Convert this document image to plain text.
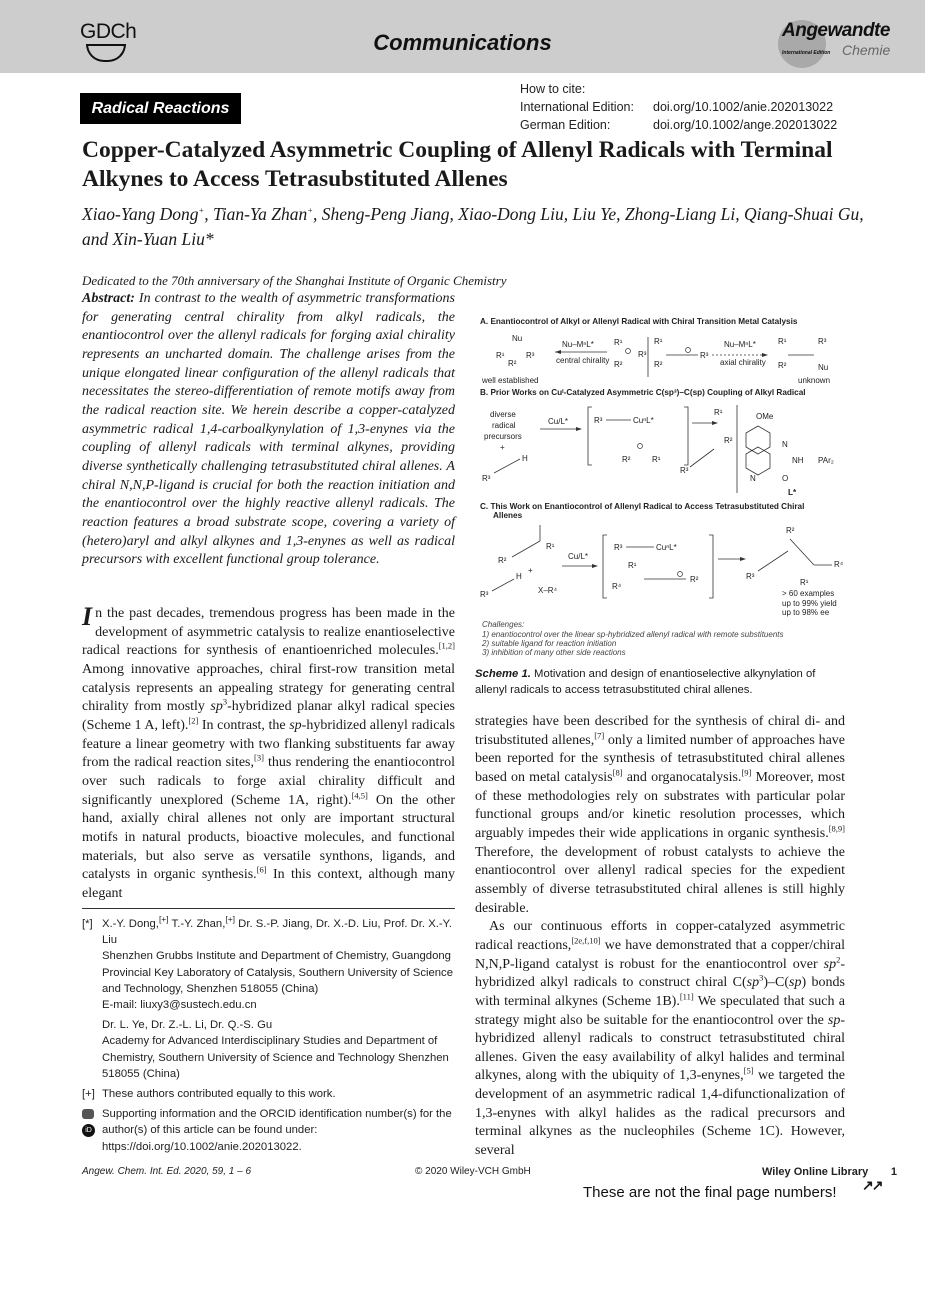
GDCh	Communications	Angewandte
International Edition Chemie
Radical Reactions
How to cite:
International Edition: doi.org/10.1002/anie.202013022
German Edition:	doi.org/10.1002/ange.202013022
Copper-Catalyzed Asymmetric Coupling of Allenyl Radicals with Terminal Alkynes to Access Tetrasubstituted Allenes
Xiao-Yang Dong+, Tian-Ya Zhan+, Sheng-Peng Jiang, Xiao-Dong Liu, Liu Ye, Zhong-Liang Li, Qiang-Shuai Gu, and Xin-Yuan Liu*
Dedicated to the 70th anniversary of the Shanghai Institute of Organic Chemistry
Abstract: In contrast to the wealth of asymmetric transformations for generating central chirality from alkyl radicals, the enantiocontrol over the allenyl radicals for forging axial chirality represents an uncharted domain. The challenge arises from the unique elongated linear configuration of the allenyl radicals that necessitates the stereo-differentiation of remote motifs away from the radical reaction site. We herein describe a copper-catalyzed asymmetric radical 1,4-carboalkynylation of 1,3-enynes via the coupling of allenyl radicals with terminal alkynes, providing diverse synthetically challenging tetrasubstituted chiral allenes. A chiral N,N,P-ligand is crucial for both the reaction initiation and the enantiocontrol over the highly reactive allenyl radicals. The reaction features a broad substrate scope, covering a variety of (hetero)aryl and alkyl alkynes and 1,3-enynes as well as radical precursors with excellent functional group tolerance.

In the past decades, tremendous progress has been made in the development of asymmetric catalysis to realize enantioselective radical reactions for synthesis of enantioenriched molecules.[1,2] Among innovative approaches, chiral first-row transition metal catalysis represents an appealing strategy for generating central chirality from mostly $sp^3$-hybridized planar alkyl radical species (Scheme 1 A, left).[2] In contrast, the sp-hybridized allenyl radicals feature a linear geometry with two flanking substituents far away from the radical reaction sites,[3] thus rendering the enantiocontrol over such radicals to forge axial chirality difficult and significantly unexplored (Scheme 1A, right).[4,5] On the other hand, axially chiral allenes not only are important structural motifs in natural products, bioactive molecules, and functional materials, but also serve as versatile synthons, ligands, and catalysts in organic synthesis.[6] In this context, although many elegant

A. Enantiocontrol of Alkyl or Allenyl Radical with Chiral Transition Metal Catalysis
Nu
R¹
R²
R³
Nu–MⁿL*
central chirality
R¹
R²
R³
R¹
R²
R³
Nu–MⁿL*
axial chirality
R¹
R²
R³
Nu
well established	unknown
B. Prior Works on Cuᴵ-Catalyzed Asymmetric C(sp³)–C(sp) Coupling of Alkyl Radical
diverse
radical
precursors
+
H
R³
Cu/L*	R³	CuⁿL*
R²	R¹
R¹
R²
R³
OMe
N
N
NH PAr₂
O
L*
C. This Work on Enantiocontrol of Allenyl Radical to Access Tetrasubstituted Chiral
Allenes
R¹
R²
+
H
R³	X–R⁴
Cu/L*
R³	CuⁿL*
R¹
R²
R⁴
R²
R³
R⁴
R¹
> 60 examples
up to 99% yield
up to 98% ee
Challenges:
1) enantiocontrol over the linear sp-hybridized allenyl radical with remote substituents
2) suitable ligand for reaction initiation
3) inhibition of many other side reactions
Scheme 1. Motivation and design of enantioselective alkynylation of allenyl radicals to access tetrasubstituted chiral allenes.

strategies have been described for the synthesis of chiral di- and trisubstituted allenes,[7] only a limited number of approaches have been reported for the synthesis of tetrasubstituted chiral allenes based on metal catalysis[8] and organocatalysis.[9] Moreover, most of these methodologies rely on substrates with particular polar functional groups and/or kinetic resolution processes, which arguably impedes their wide applications in organic synthesis.[8,9] Therefore, the development of robust catalysts to achieve the enantiocontrol over allenyl radical species for the expedient assembly of diverse tetrasubstituted chiral allenes is still highly desirable.

As our continuous efforts in copper-catalyzed asymmetric radical reactions,[2e,f,10] we have demonstrated that a copper/chiral N,N,P-ligand catalyst is robust for the enantiocontrol over $sp^2$-hybridized alkyl radicals to construct chiral $C(sp^3)-C(sp)$ bonds with terminal alkynes (Scheme 1B).[11] We speculated that such a strategy might also be suitable for the enantiocontrol over the sp-hybridized allenyl radicals to construct tetrasubstituted chiral allenes. Given the easy availability of alkyl halides and terminal alkynes, along with the ubiquity of 1,3-enynes,[5] we targeted the development of an asymmetric radical 1,4-difunctionalization of 1,3-enynes with alkyl halides as the radical precursors and terminal alkynes as the nucleophiles (Scheme 1C). However, several

[*] X.-Y. Dong,[+] T.-Y. Zhan,[+] Dr. S.-P. Jiang, Dr. X.-D. Liu, Prof. Dr. X.-Y. Liu
Shenzhen Grubbs Institute and Department of Chemistry, Guangdong Provincial Key Laboratory of Catalysis, Southern University of Science and Technology, Shenzhen 518055 (China)
E-mail: liuxy3@sustech.edu.cn
Dr. L. Ye, Dr. Z.-L. Li, Dr. Q.-S. Gu
Academy for Advanced Interdisciplinary Studies and Department of Chemistry, Southern University of Science and Technology Shenzhen 518055 (China)
[+] These authors contributed equally to this work.

iD
Supporting information and the ORCID identification number(s) for the author(s) of this article can be found under: https://doi.org/10.1002/anie.202013022.
Angew. Chem. Int. Ed. 2020, 59, 1 – 6	© 2020 Wiley-VCH GmbH	Wiley Online Library 1
These are not the final page numbers! ↗↗
